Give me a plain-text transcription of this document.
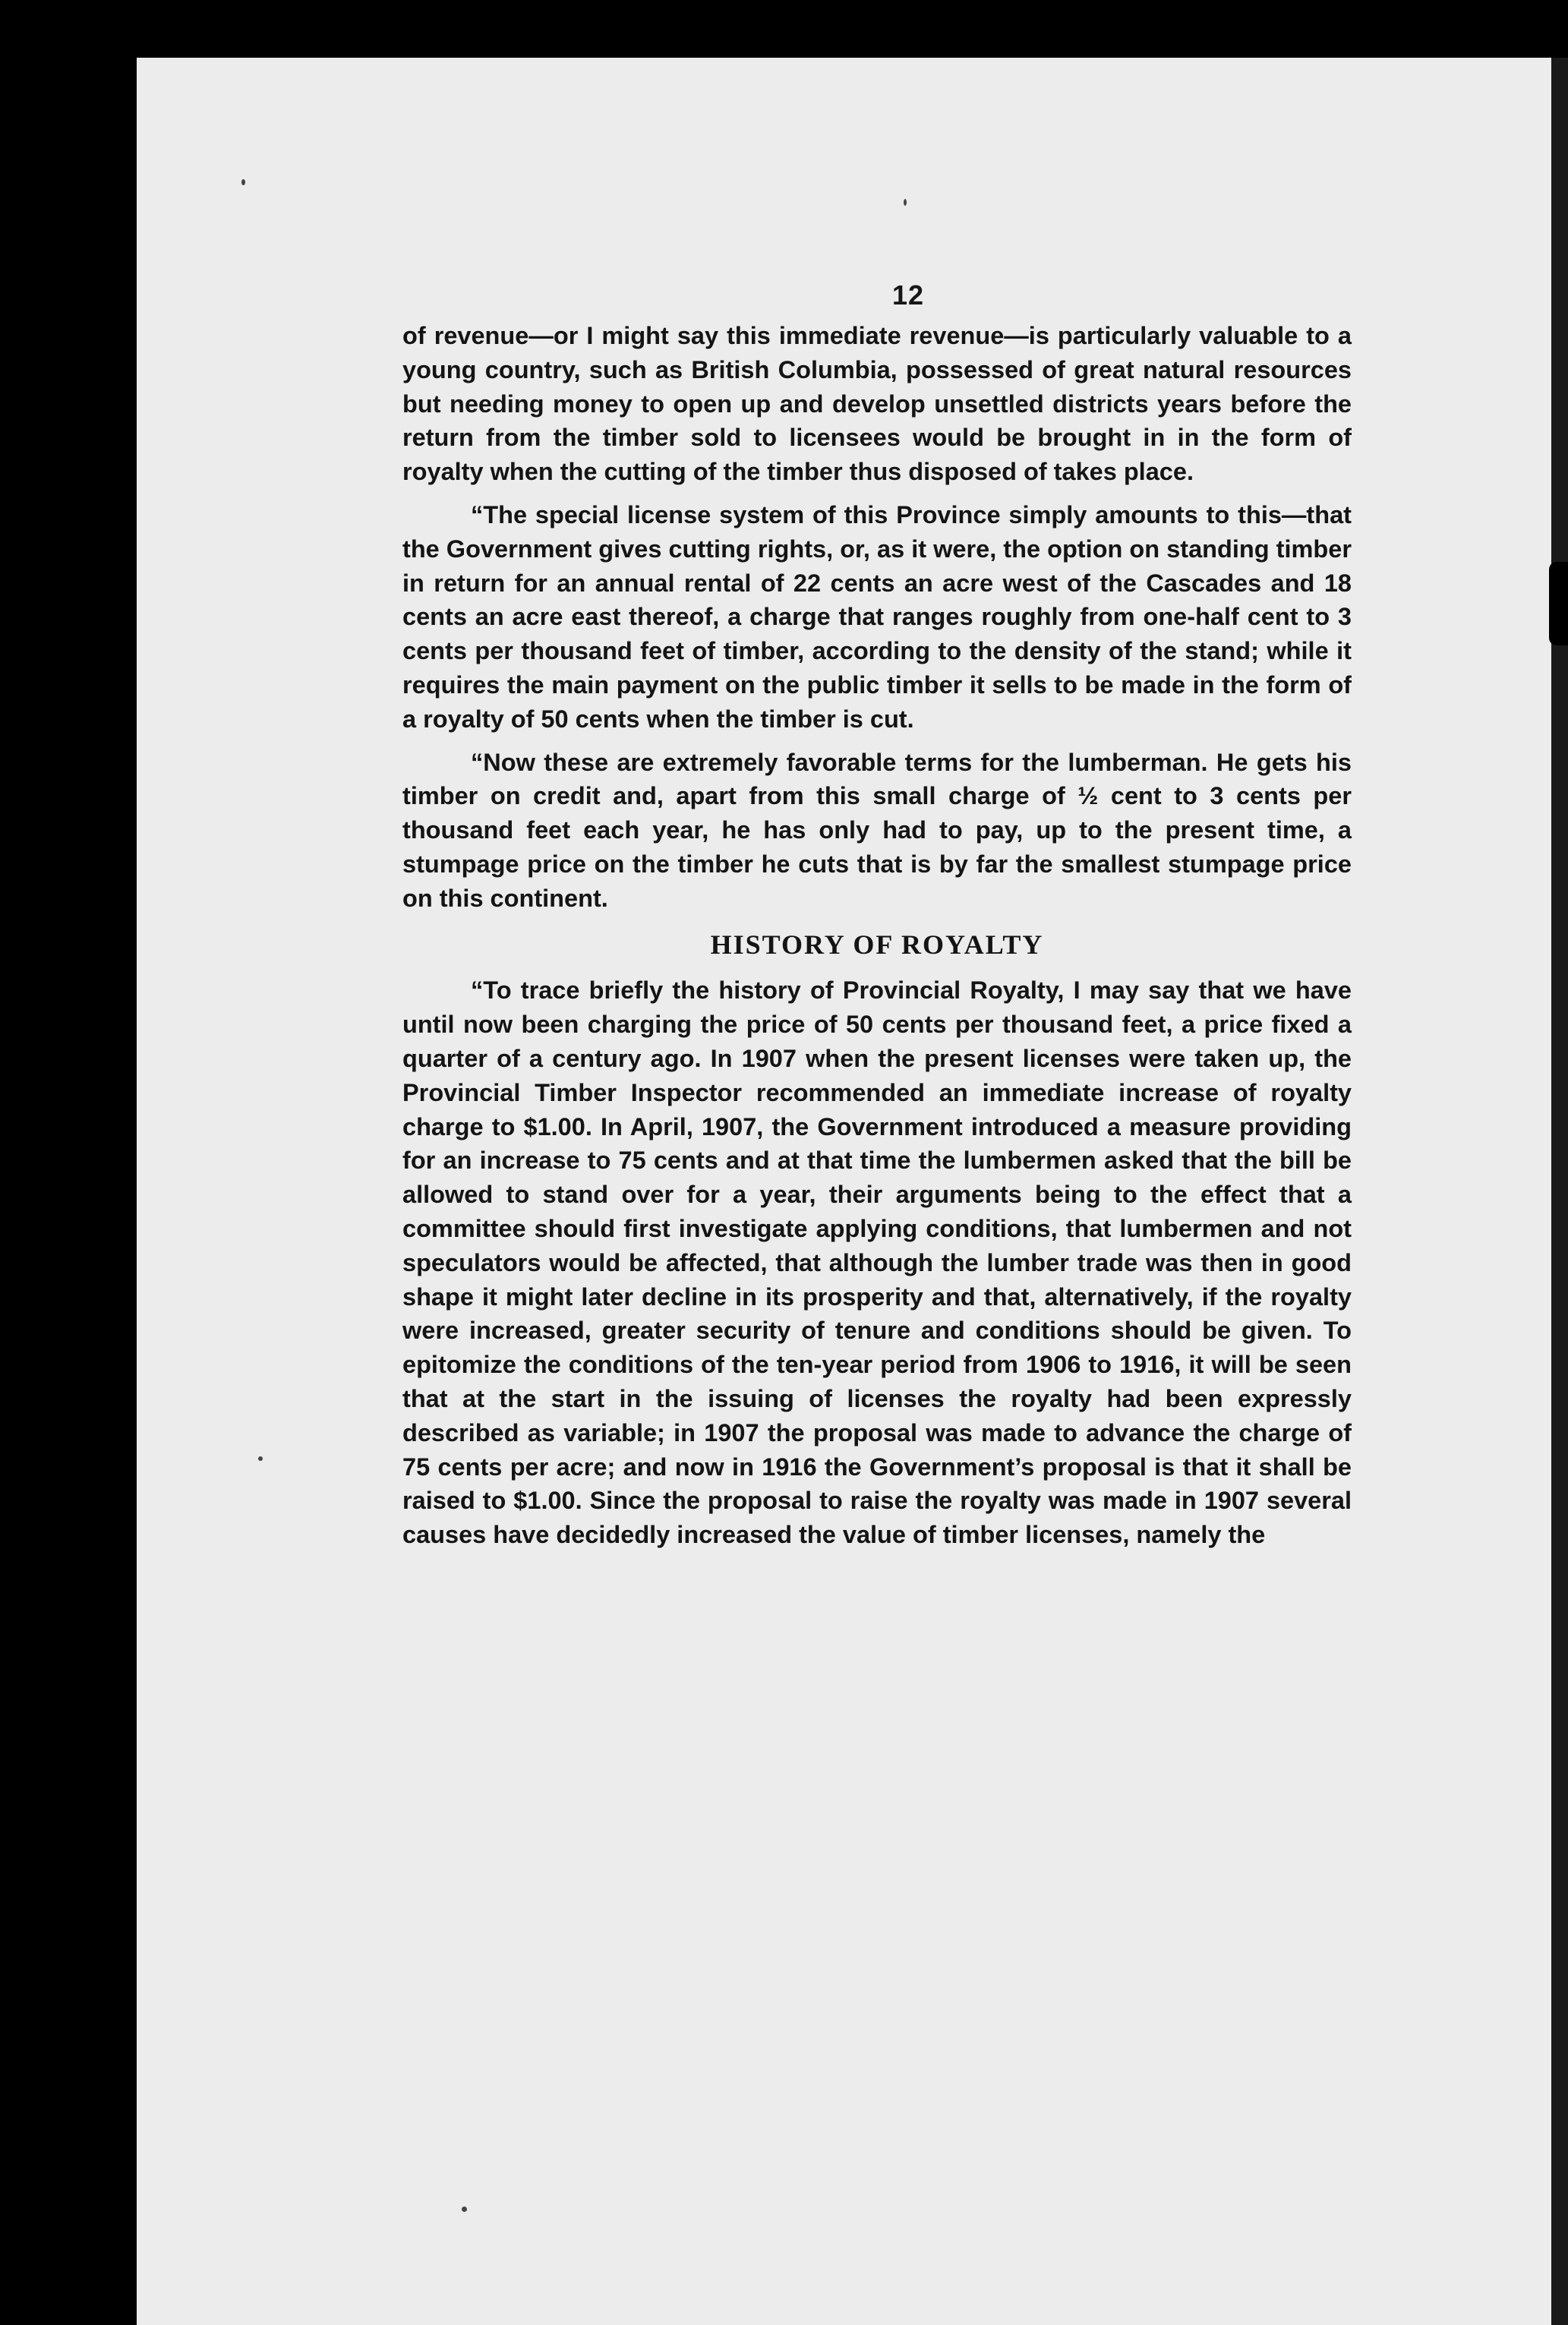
12

of revenue—or I might say this immediate revenue—is particularly valuable to a young country, such as British Columbia, possessed of great natural resources but needing money to open up and develop unsettled districts years before the return from the timber sold to licensees would be brought in in the form of royalty when the cutting of the timber thus disposed of takes place.

“The special license system of this Province simply amounts to this—that the Government gives cutting rights, or, as it were, the option on standing timber in return for an annual rental of 22 cents an acre west of the Cascades and 18 cents an acre east thereof, a charge that ranges roughly from one-half cent to 3 cents per thousand feet of timber, according to the density of the stand; while it requires the main payment on the public timber it sells to be made in the form of a royalty of 50 cents when the timber is cut.

“Now these are extremely favorable terms for the lumberman. He gets his timber on credit and, apart from this small charge of ½ cent to 3 cents per thousand feet each year, he has only had to pay, up to the present time, a stumpage price on the timber he cuts that is by far the smallest stumpage price on this continent.

HISTORY OF ROYALTY

“To trace briefly the history of Provincial Royalty, I may say that we have until now been charging the price of 50 cents per thousand feet, a price fixed a quarter of a century ago. In 1907 when the present licenses were taken up, the Provincial Timber Inspector recommended an immediate increase of royalty charge to $1.00. In April, 1907, the Government introduced a measure providing for an increase to 75 cents and at that time the lumbermen asked that the bill be allowed to stand over for a year, their arguments being to the effect that a committee should first investigate applying conditions, that lumbermen and not speculators would be affected, that although the lumber trade was then in good shape it might later decline in its prosperity and that, alternatively, if the royalty were increased, greater security of tenure and conditions should be given. To epitomize the conditions of the ten-year period from 1906 to 1916, it will be seen that at the start in the issuing of licenses the royalty had been expressly described as variable; in 1907 the proposal was made to advance the charge of 75 cents per acre; and now in 1916 the Government’s proposal is that it shall be raised to $1.00. Since the proposal to raise the royalty was made in 1907 several causes have decidedly increased the value of timber licenses, namely the
